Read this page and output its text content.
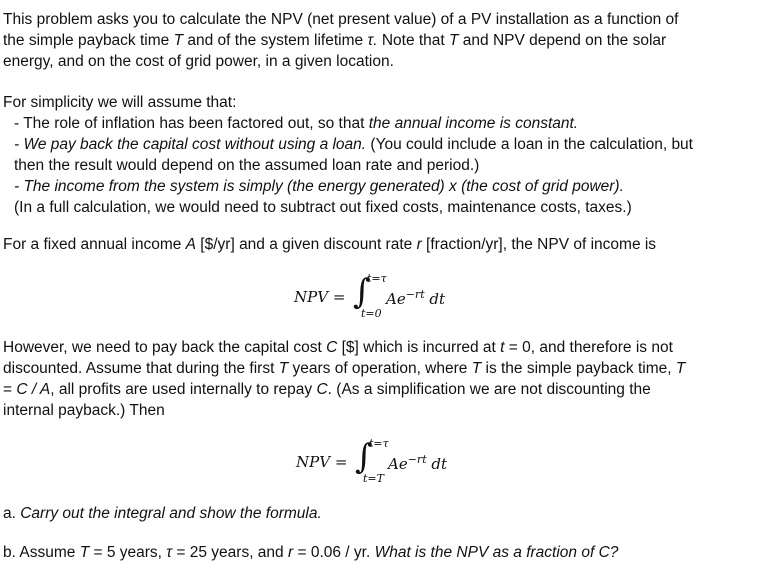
This problem asks you to calculate the NPV (net present value) of a PV installation as a function of
the simple payback time T and of the system lifetime τ. Note that T and NPV depend on the solar
energy, and on the cost of grid power, in a given location.
For simplicity we will assume that:
- The role of inflation has been factored out, so that the annual income is constant.
- We pay back the capital cost without using a loan. (You could include a loan in the calculation, but
then the result would depend on the assumed loan rate and period.)
- The income from the system is simply (the energy generated) x (the cost of grid power).
(In a full calculation, we would need to subtract out fixed costs, maintenance costs, taxes.)
For a fixed annual income A [$/yr] and a given discount rate r [fraction/yr], the NPV of income is
NPV = ∫
t=τ
t=0
$Ae^{-rt}$ dt
However, we need to pay back the capital cost C [$] which is incurred at t = 0, and therefore is not
discounted. Assume that during the first T years of operation, where T is the simple payback time, T
= C / A, all profits are used internally to repay C. (As a simplification we are not discounting the
internal payback.) Then
NPV = ∫
t=τ
t=T
$Ae^{-rt}$ dt
a. Carry out the integral and show the formula.
b. Assume T = 5 years, τ = 25 years, and r = 0.06 / yr. What is the NPV as a fraction of C?
